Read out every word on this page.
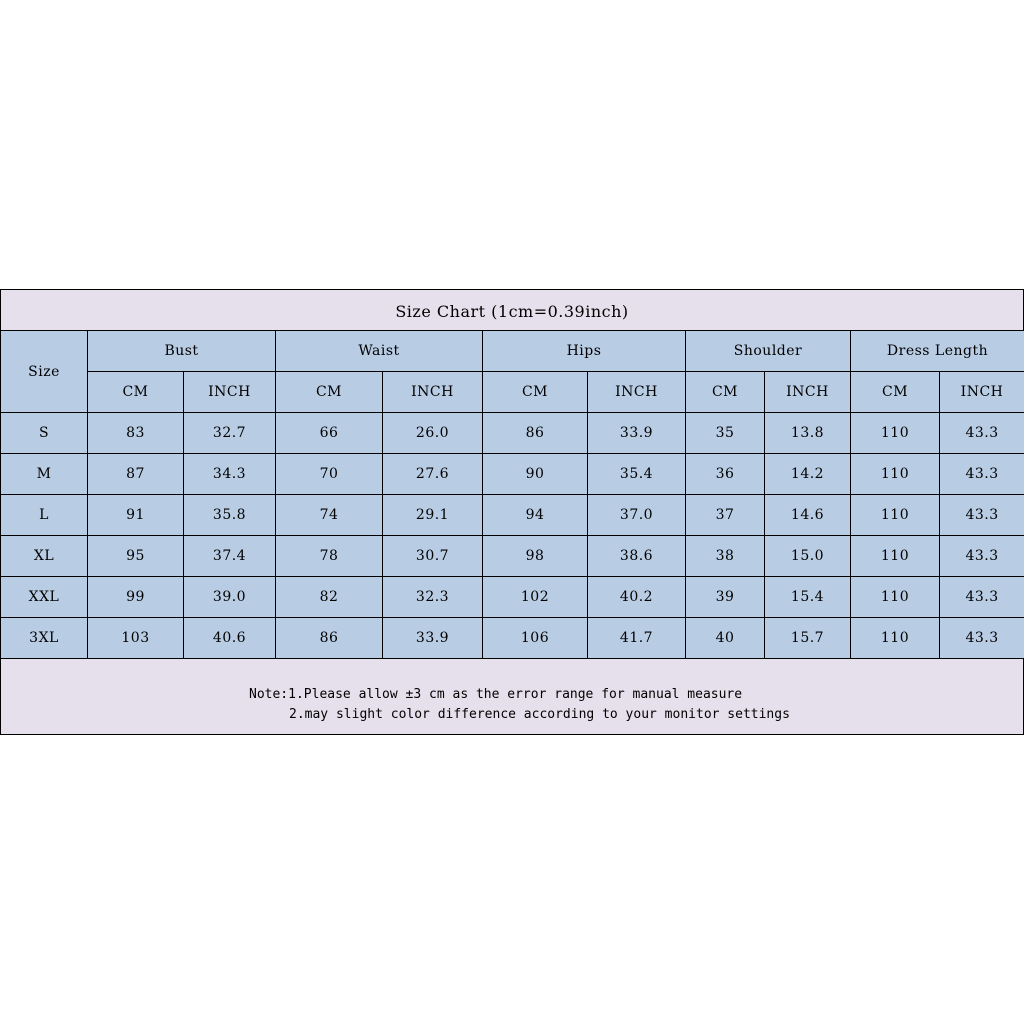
Size Chart (1cm=0.39inch)
Size	Bust		Waist		Hips		Shoulder		Dress Length	
	CM	INCH	CM	INCH	CM	INCH	CM	INCH	CM	INCH
S	83	32.7	66	26.0	86	33.9	35	13.8	110	43.3
M	87	34.3	70	27.6	90	35.4	36	14.2	110	43.3
L	91	35.8	74	29.1	94	37.0	37	14.6	110	43.3
XL	95	37.4	78	30.7	98	38.6	38	15.0	110	43.3
XXL	99	39.0	82	32.3	102	40.2	39	15.4	110	43.3
3XL	103	40.6	86	33.9	106	41.7	40	15.7	110	43.3
Note:1.Please allow ±3 cm as the error range for manual measure
2.may slight color difference according to your monitor settings
